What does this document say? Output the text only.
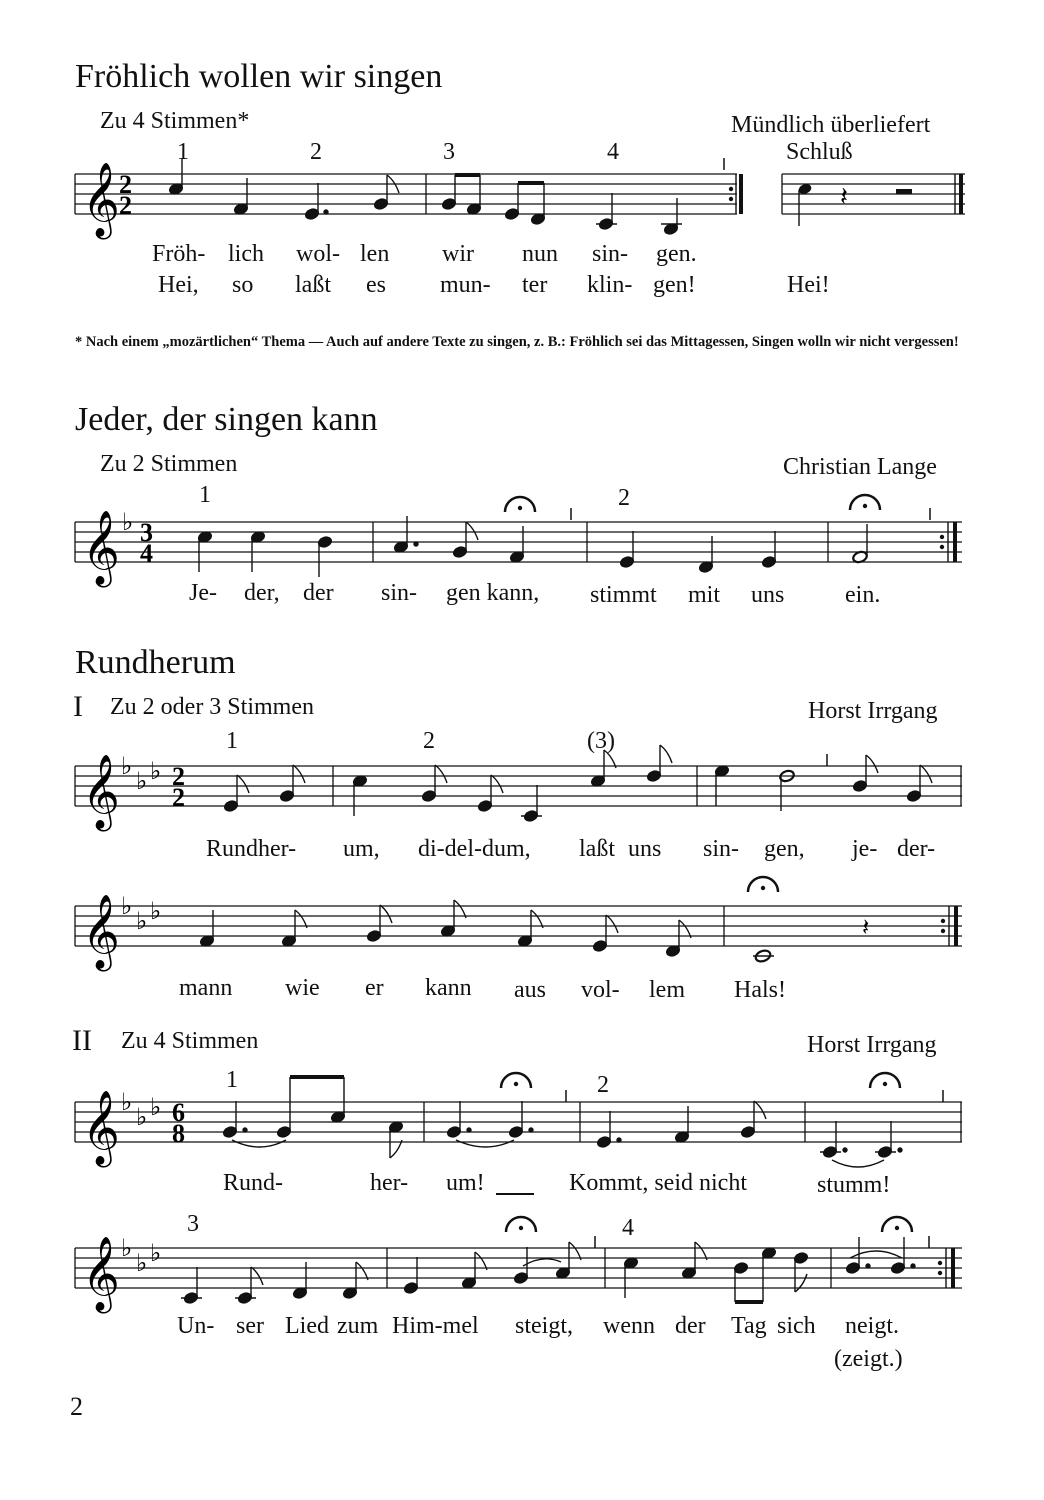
Fröhlich wollen wir singen
Zu 4 Stimmen*	Mündlich überliefert
1	2	3	4	Schluß
𝄞 2
2	𝄽
Fröh- lich wol- len wir nun sin- gen.
Hei, so laßt es mun- ter klin- gen!	Hei!
* Nach einem „mozärtlichen“ Thema — Auch auf andere Texte zu singen, z. B.: Fröhlich sei das Mittagessen, Singen wolln wir nicht vergessen!
Jeder, der singen kann
Zu 2 Stimmen	Christian Lange
1	2
𝄞 ♭ 3
4
Je- der, der sin- gen kann, stimmt mit uns	ein.
Rundherum
I Zu 2 oder 3 Stimmen	Horst Irrgang
1	2	(3)
𝄞 ♭
♭ ♭ 2
2
Rundher- um, di-del-dum, laßt uns sin- gen, je- der-
𝄞 ♭
♭ ♭
𝄽
mann wie er kann aus vol- lem Hals!
II Zu 4 Stimmen	Horst Irrgang
1	2
𝄞 ♭
♭ ♭ 6
8
Rund-	her- um!	Kommt, seid nicht	stumm!
3	4
𝄞 ♭
♭ ♭
Un- ser Lied zum Him-mel steigt, wenn der Tag sich neigt.
(zeigt.)
2
